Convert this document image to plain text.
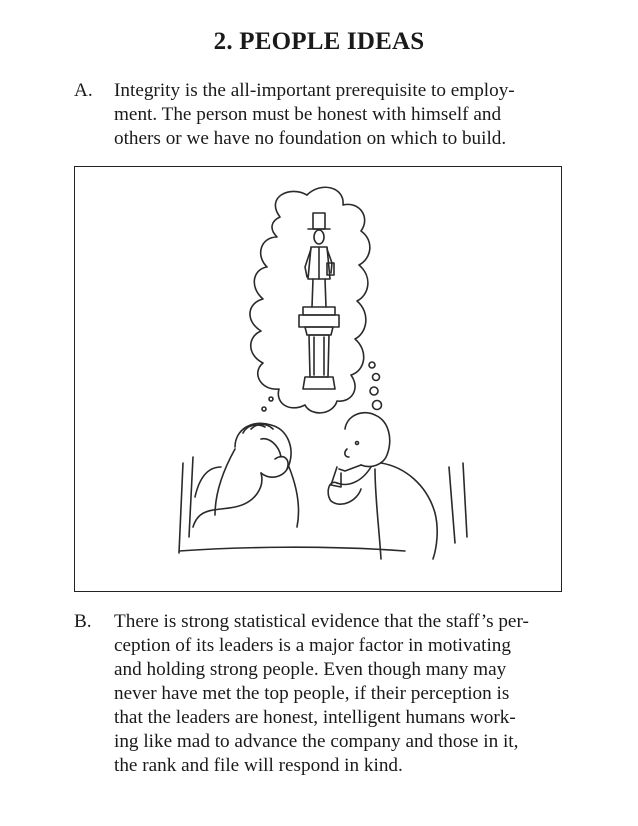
2. PEOPLE IDEAS
A. Integrity is the all-important prerequisite to employ-
ment. The person must be honest with himself and
others or we have no foundation on which to build.
B. There is strong statistical evidence that the staff’s per-
ception of its leaders is a major factor in motivating
and holding strong people. Even though many may
never have met the top people, if their perception is
that the leaders are honest, intelligent humans work-
ing like mad to advance the company and those in it,
the rank and file will respond in kind.
